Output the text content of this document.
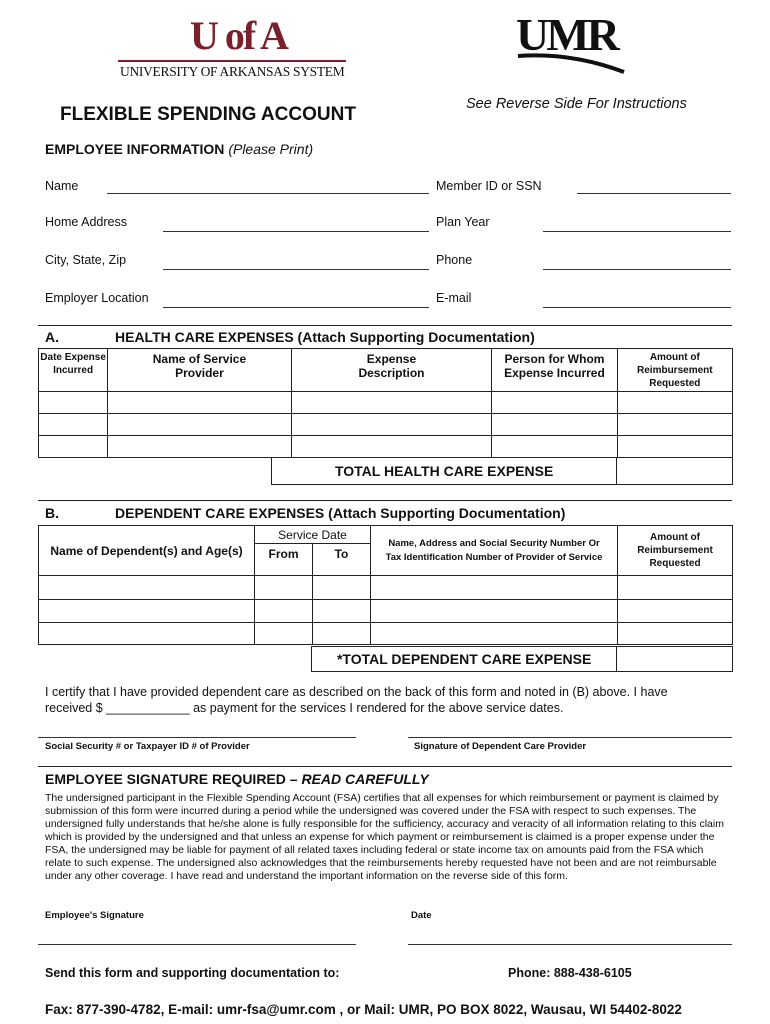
U of A
UNIVERSITY OF ARKANSAS SYSTEM
UMR
FLEXIBLE SPENDING ACCOUNT	See Reverse Side For Instructions
EMPLOYEE INFORMATION (Please Print)
Name	Member ID or SSN
Home Address	Plan Year
City, State, Zip	Phone
Employer Location	E-mail
A.	HEALTH CARE EXPENSES (Attach Supporting Documentation)
Date Expense Incurred	Name of Service Provider	Expense Description	Person for Whom Expense Incurred	Amount of Reimbursement Requested

TOTAL HEALTH CARE EXPENSE	
B.	DEPENDENT CARE EXPENSES (Attach Supporting Documentation)
Name of Dependent(s) and Age(s)	Service Date		Name, Address and Social Security Number Or Tax Identification Number of Provider of Service	Amount of Reimbursement Requested

	From	To		

*TOTAL DEPENDENT CARE EXPENSE	
I certify that I have provided dependent care as described on the back of this form and noted in (B) above. I have
received $ ____________ as payment for the services I rendered for the above service dates.
Social Security # or Taxpayer ID # of Provider	Signature of Dependent Care Provider
EMPLOYEE SIGNATURE REQUIRED – READ CAREFULLY
The undersigned participant in the Flexible Spending Account (FSA) certifies that all expenses for which reimbursement or payment is claimed by submission of this form were incurred during a period while the undersigned was covered under the FSA with respect to such expenses. The undersigned fully understands that he/she alone is fully responsible for the sufficiency, accuracy and veracity of all information relating to this claim which is provided by the undersigned and that unless an expense for which payment or reimbursement is claimed is a proper expense under the FSA, the undersigned may be liable for payment of all related taxes including federal or state income tax on amounts paid from the FSA which relate to such expense. The undersigned also acknowledges that the reimbursements hereby requested have not been and are not reimbursable under any other coverage. I have read and understand the important information on the reverse side of this form.
Employee's Signature	Date
Send this form and supporting documentation to:	Phone: 888-438-6105
Fax: 877-390-4782, E-mail: umr-fsa@umr.com , or Mail: UMR, PO BOX 8022, Wausau, WI 54402-8022
